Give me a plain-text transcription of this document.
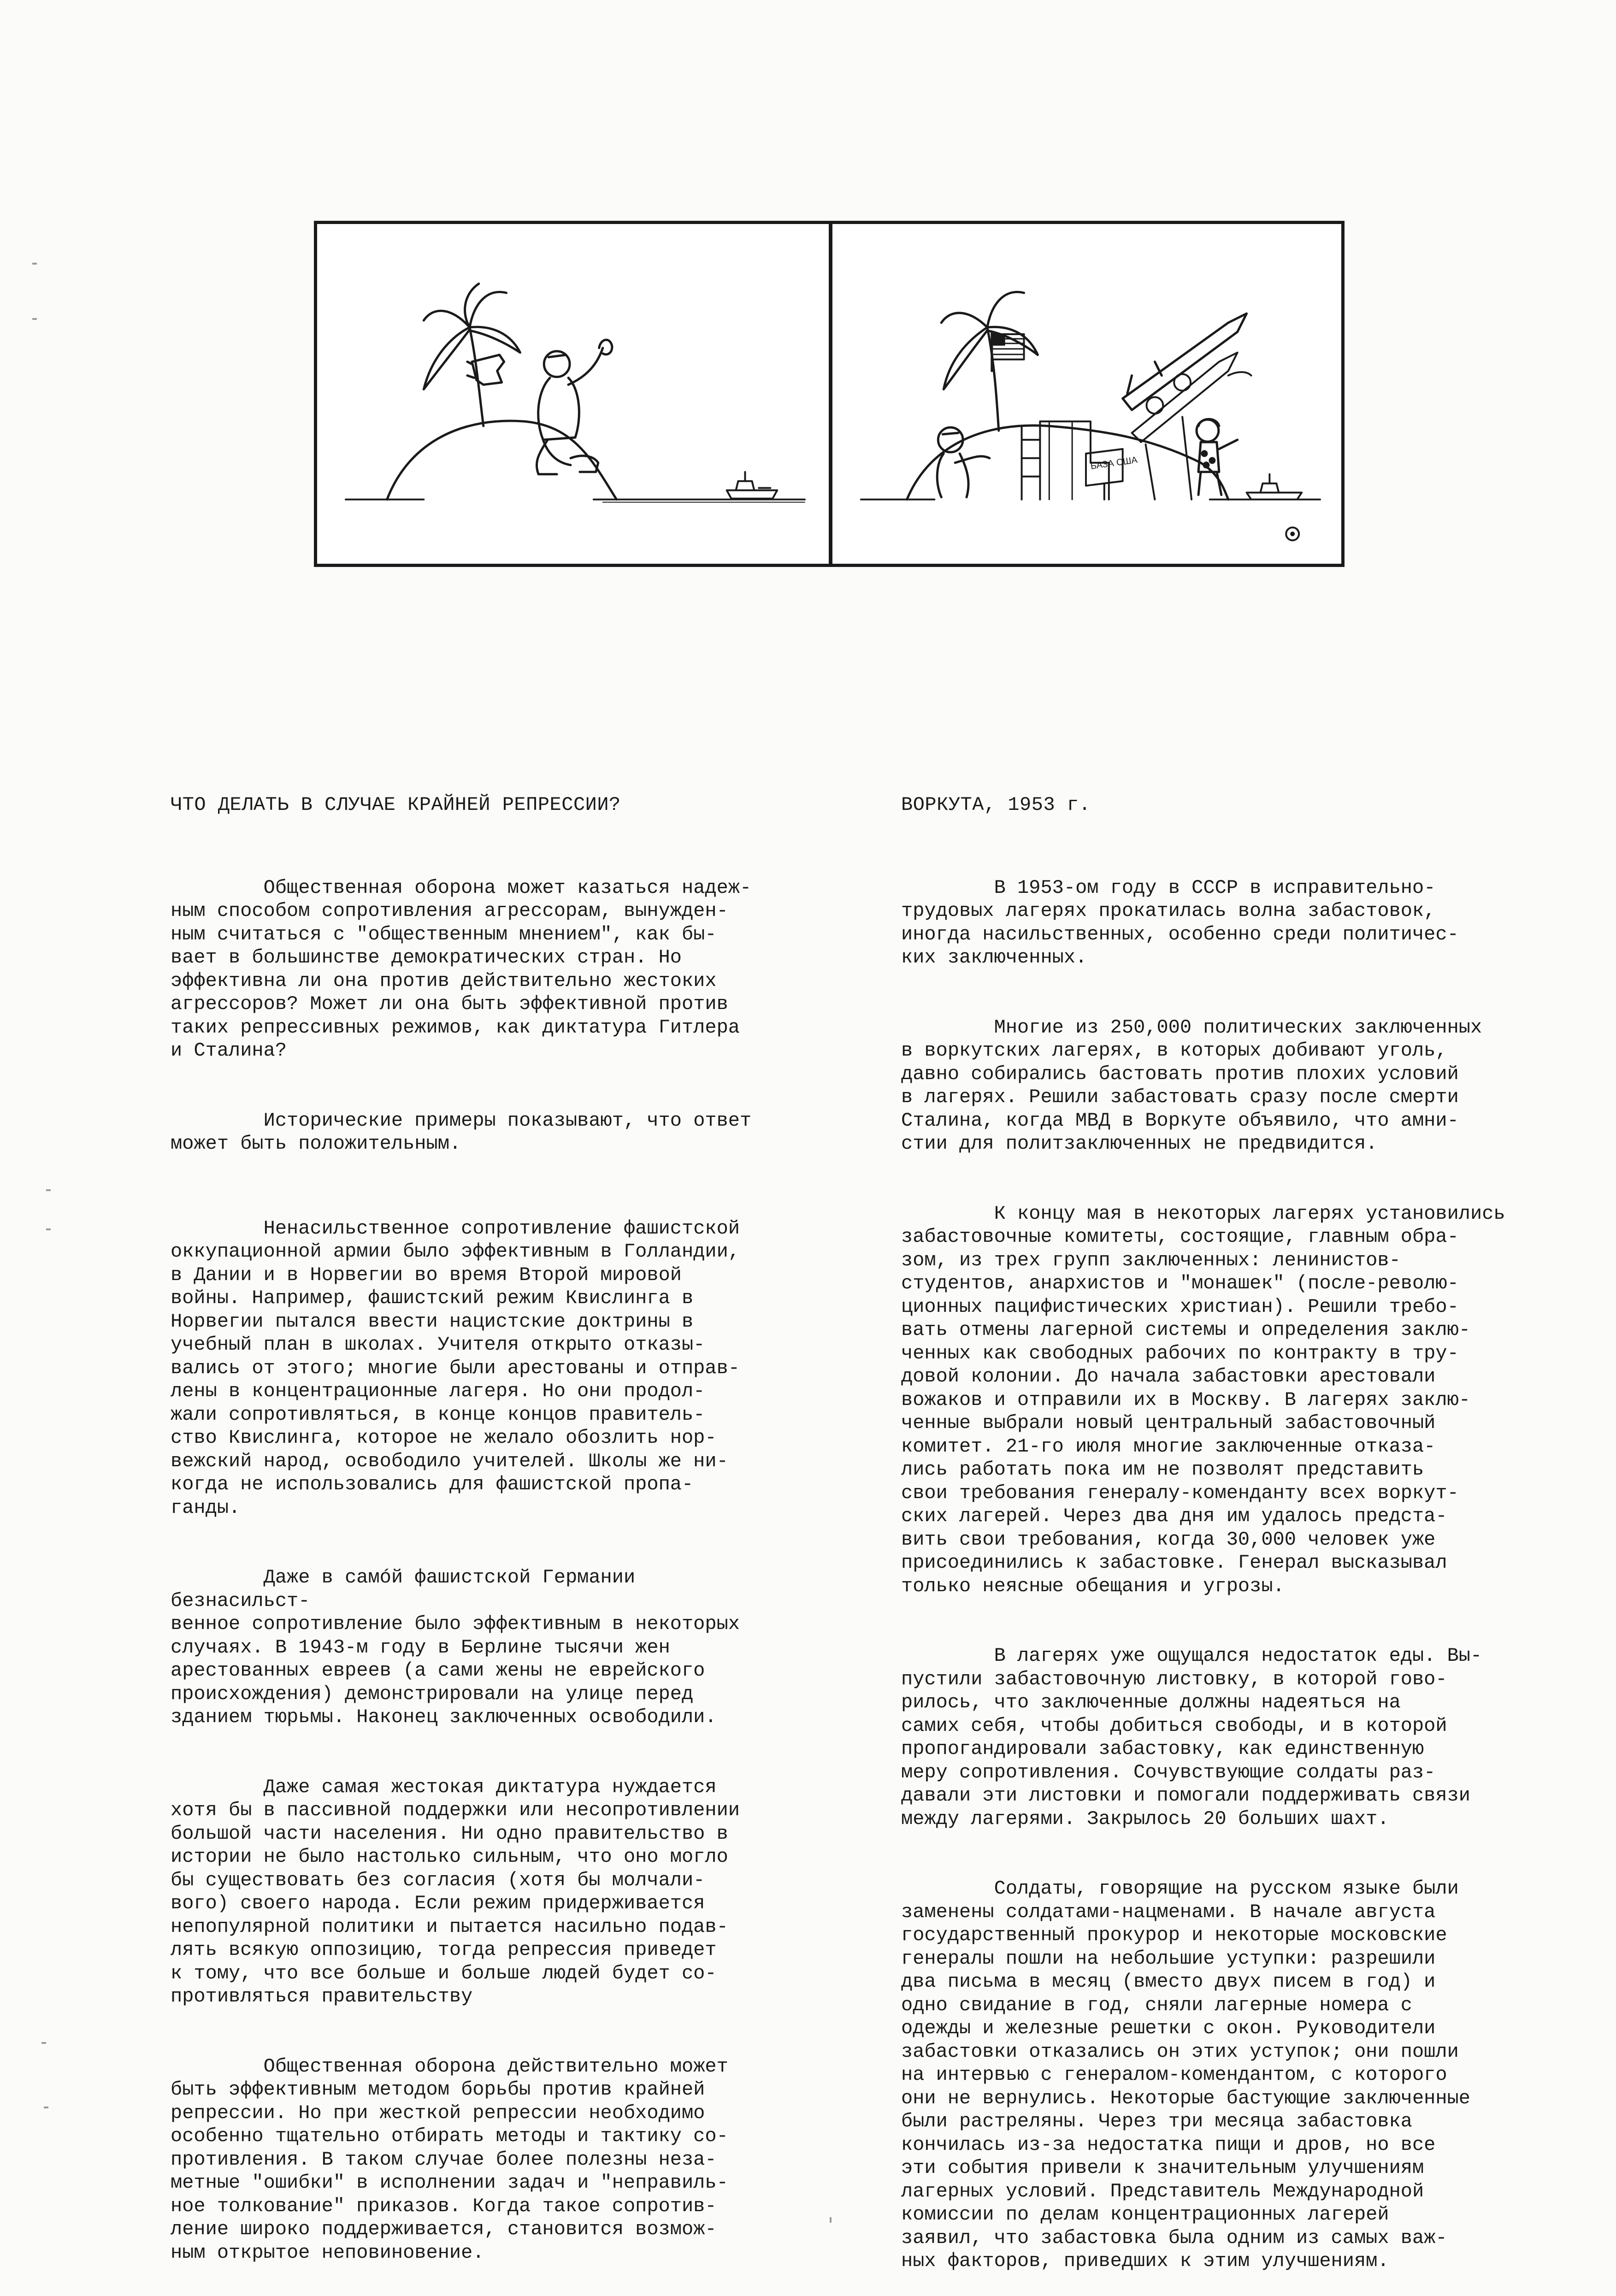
БАЗА США

ЧТО ДЕЛАТЬ В СЛУЧАЕ КРАЙНЕЙ РЕПРЕССИИ?

Общественная оборона может казаться надеж-
ным способом сопротивления агрессорам, вынужден-
ным считаться с "общественным мнением", как бы-
вает в большинстве демократических стран. Но
эффективна ли она против действительно жестоких
агрессоров? Может ли она быть эффективной против
таких репрессивных режимов, как диктатура Гитлера
и Сталина?

Исторические примеры показывают, что ответ
может быть положительным.

Ненасильственное сопротивление фашистской
оккупационной армии было эффективным в Голландии,
в Дании и в Норвегии во время Второй мировой
войны. Например, фашистский режим Квислинга в
Норвегии пытался ввести нацистские доктрины в
учебный план в школах. Учителя открыто отказы-
вались от этого; многие были арестованы и отправ-
лены в концентрационные лагеря. Но они продол-
жали сопротивляться, в конце концов правитель-
ство Квислинга, которое не желало обозлить нор-
вежский народ, освободило учителей. Школы же ни-
когда не использовались для фашистской пропа-
ганды.

Даже в самóй фашистской Германии безнасильст-
венное сопротивление было эффективным в некоторых
случаях. В 1943-м году в Берлине тысячи жен
арестованных евреев (а сами жены не еврейского
происхождения) демонстрировали на улице перед
зданием тюрьмы. Наконец заключенных освободили.

Даже самая жестокая диктатура нуждается
хотя бы в пассивной поддержки или несопротивлении
большой части населения. Ни одно правительство в
истории не было настолько сильным, что оно могло
бы существовать без согласия (хотя бы молчали-
вого) своего народа. Если режим придерживается
непопулярной политики и пытается насильно подав-
лять всякую оппозицию, тогда репрессия приведет
к тому, что все больше и больше людей будет со-
противляться правительству

Общественная оборона действительно может
быть эффективным методом борьбы против крайней
репрессии. Но при жесткой репрессии необходимо
особенно тщательно отбирать методы и тактику со-
противления. В таком случае более полезны неза-
метные "ошибки" в исполнении задач и "неправиль-
ное толкование" приказов. Когда такое сопротив-
ление широко поддерживается, становится возмож-
ным открытое неповиновение.

ВОРКУТА, 1953 г.

В 1953-ом году в СССР в исправительно-
трудовых лагерях прокатилась волна забастовок,
иногда насильственных, особенно среди политичес-
ких заключенных.

Многие из 250,000 политических заключенных
в воркутских лагерях, в которых добивают уголь,
давно собирались бастовать против плохих условий
в лагерях. Решили забастовать сразу после смерти
Сталина, когда МВД в Воркуте объявило, что амни-
стии для политзаключенных не предвидится.

К концу мая в некоторых лагерях установились
забастовочные комитеты, состоящие, главным обра-
зом, из трех групп заключенных: ленинистов-
студентов, анархистов и "монашек" (после-револю-
ционных пацифистических христиан). Решили требо-
вать отмены лагерной системы и определения заклю-
ченных как свободных рабочих по контракту в тру-
довой колонии. До начала забастовки арестовали
вожаков и отправили их в Москву. В лагерях заклю-
ченные выбрали новый центральный забастовочный
комитет. 21-го июля многие заключенные отказа-
лись работать пока им не позволят представить
свои требования генералу-коменданту всех воркут-
ских лагерей. Через два дня им удалось предста-
вить свои требования, когда 30,000 человек уже
присоединились к забастовке. Генерал высказывал
только неясные обещания и угрозы.

В лагерях уже ощущался недостаток еды. Вы-
пустили забастовочную листовку, в которой гово-
рилось, что заключенные должны надеяться на
самих себя, чтобы добиться свободы, и в которой
пропогандировали забастовку, как единственную
меру сопротивления. Сочувствующие солдаты раз-
давали эти листовки и помогали поддерживать связи
между лагерями. Закрылось 20 больших шахт.

Солдаты, говорящие на русском языке были
заменены солдатами-нацменами. В начале августа
государственный прокурор и некоторые московские
генералы пошли на небольшие уступки: разрешили
два письма в месяц (вместо двух писем в год) и
одно свидание в год, сняли лагерные номера с
одежды и железные решетки с окон. Руководители
забастовки отказались он этих уступок; они пошли
на интервью с генералом-комендантом, с которого
они не вернулись. Некоторые бастующие заключенные
были растреляны. Через три месяца забастовка
кончилась из-за недостатка пищи и дров, но все
эти события привели к значительным улучшениям
лагерных условий. Представитель Международной
комиссии по делам концентрационных лагерей
заявил, что забастовка была одним из самых важ-
ных факторов, приведших к этим улучшениям.
